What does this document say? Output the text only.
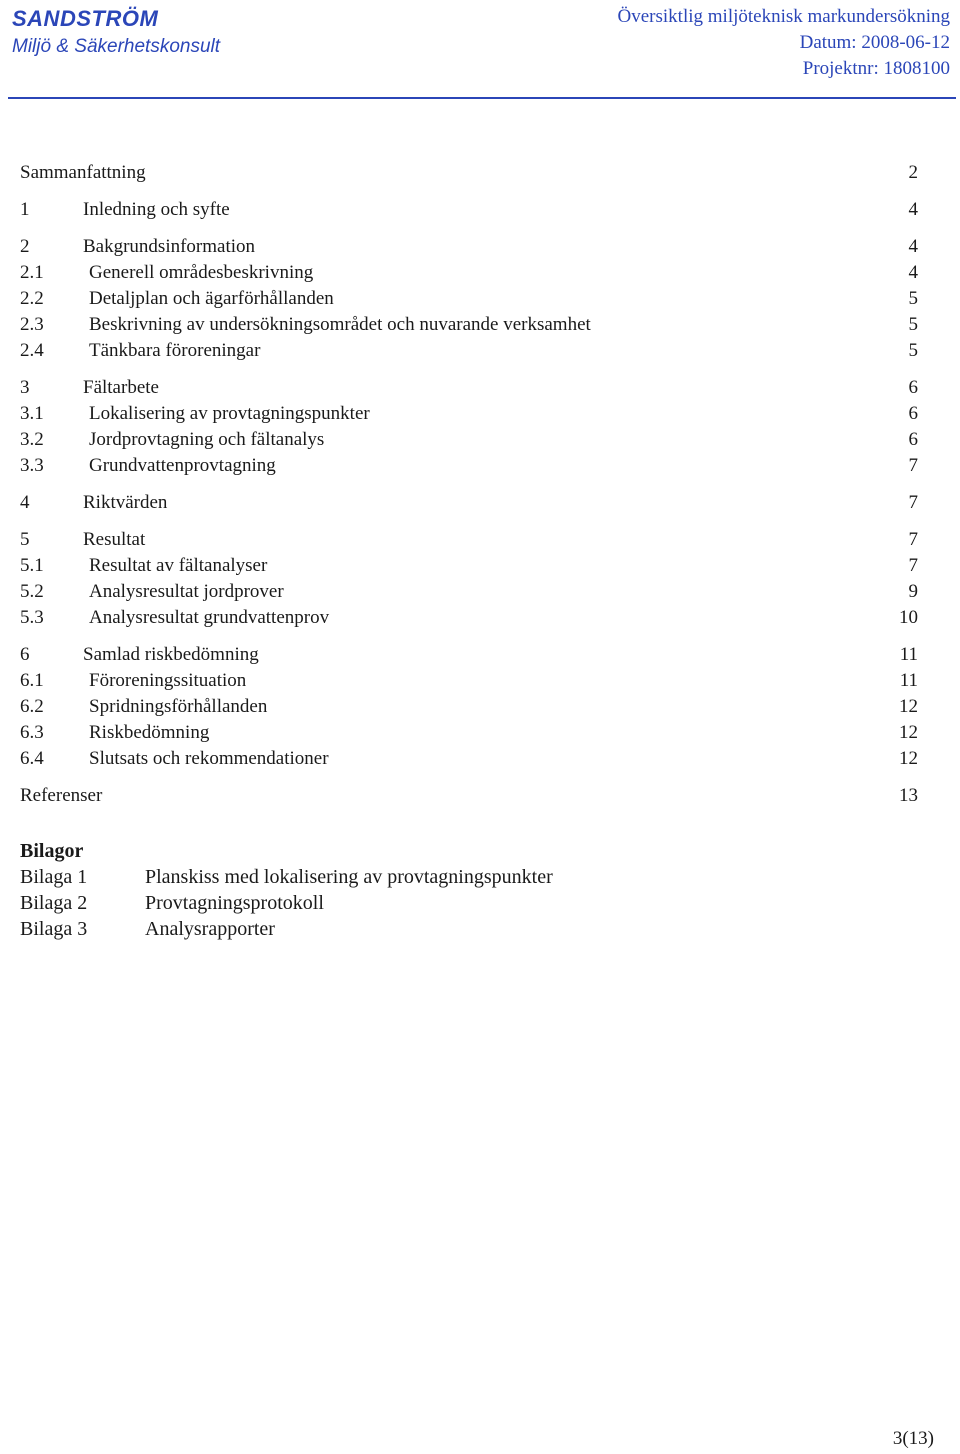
SANDSTRÖM
Miljö & Säkerhetskonsult
Översiktlig miljöteknisk markundersökning
Datum: 2008-06-12
Projektnr: 1808100
Sammanfattning	2
1	Inledning och syfte	4
2	Bakgrundsinformation	4
2.1 Generell områdesbeskrivning	4
2.2 Detaljplan och ägarförhållanden	5
2.3 Beskrivning av undersökningsområdet och nuvarande verksamhet	5
2.4 Tänkbara föroreningar	5
3	Fältarbete	6
3.1 Lokalisering av provtagningspunkter	6
3.2 Jordprovtagning och fältanalys	6
3.3 Grundvattenprovtagning	7
4	Riktvärden	7
5	Resultat	7
5.1 Resultat av fältanalyser	7
5.2 Analysresultat jordprover	9
5.3 Analysresultat grundvattenprov	10
6	Samlad riskbedömning	11
6.1 Föroreningssituation	11
6.2 Spridningsförhållanden	12
6.3 Riskbedömning	12
6.4 Slutsats och rekommendationer	12
Referenser	13
Bilagor
Bilaga 1	Planskiss med lokalisering av provtagningspunkter
Bilaga 2	Provtagningsprotokoll
Bilaga 3	Analysrapporter
3(13)
